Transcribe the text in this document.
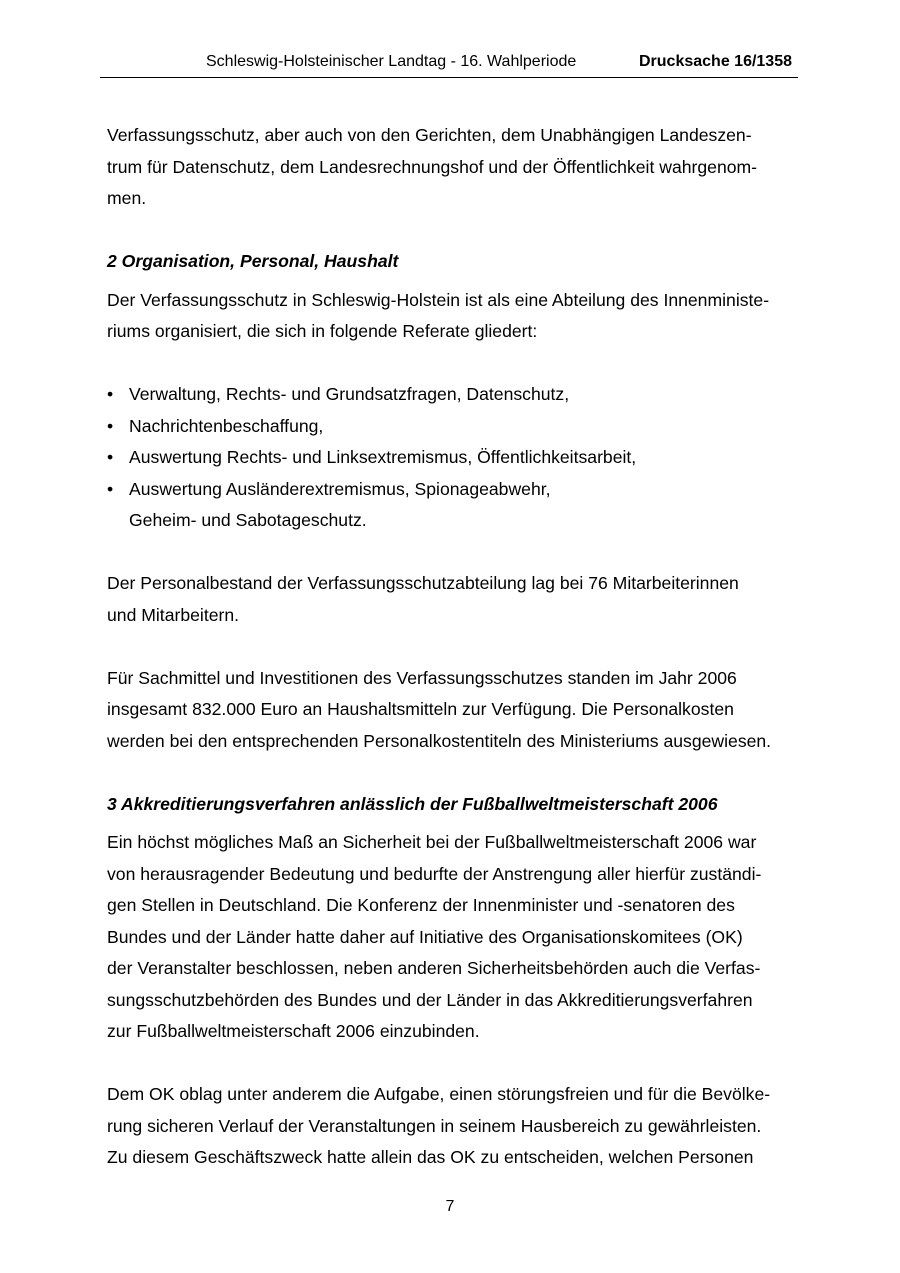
Schleswig-Holsteinischer Landtag - 16. Wahlperiode	Drucksache 16/1358

Verfassungsschutz, aber auch von den Gerichten, dem Unabhängigen Landeszen-
trum für Datenschutz, dem Landesrechnungshof und der Öffentlichkeit wahrgenom-
men.

2 Organisation, Personal, Haushalt

Der Verfassungsschutz in Schleswig-Holstein ist als eine Abteilung des Innenministe-
riums organisiert, die sich in folgende Referate gliedert:

• Verwaltung, Rechts- und Grundsatzfragen, Datenschutz,
• Nachrichtenbeschaffung,
• Auswertung Rechts- und Linksextremismus, Öffentlichkeitsarbeit,
• Auswertung Ausländerextremismus, Spionageabwehr,
Geheim- und Sabotageschutz.

Der Personalbestand der Verfassungsschutzabteilung lag bei 76 Mitarbeiterinnen
und Mitarbeitern.

Für Sachmittel und Investitionen des Verfassungsschutzes standen im Jahr 2006
insgesamt 832.000 Euro an Haushaltsmitteln zur Verfügung. Die Personalkosten
werden bei den entsprechenden Personalkostentiteln des Ministeriums ausgewiesen.

3 Akkreditierungsverfahren anlässlich der Fußballweltmeisterschaft 2006

Ein höchst mögliches Maß an Sicherheit bei der Fußballweltmeisterschaft 2006 war
von herausragender Bedeutung und bedurfte der Anstrengung aller hierfür zuständi-
gen Stellen in Deutschland. Die Konferenz der Innenminister und -senatoren des
Bundes und der Länder hatte daher auf Initiative des Organisationskomitees (OK)
der Veranstalter beschlossen, neben anderen Sicherheitsbehörden auch die Verfas-
sungsschutzbehörden des Bundes und der Länder in das Akkreditierungsverfahren
zur Fußballweltmeisterschaft 2006 einzubinden.

Dem OK oblag unter anderem die Aufgabe, einen störungsfreien und für die Bevölke-
rung sicheren Verlauf der Veranstaltungen in seinem Hausbereich zu gewährleisten.
Zu diesem Geschäftszweck hatte allein das OK zu entscheiden, welchen Personen

7
